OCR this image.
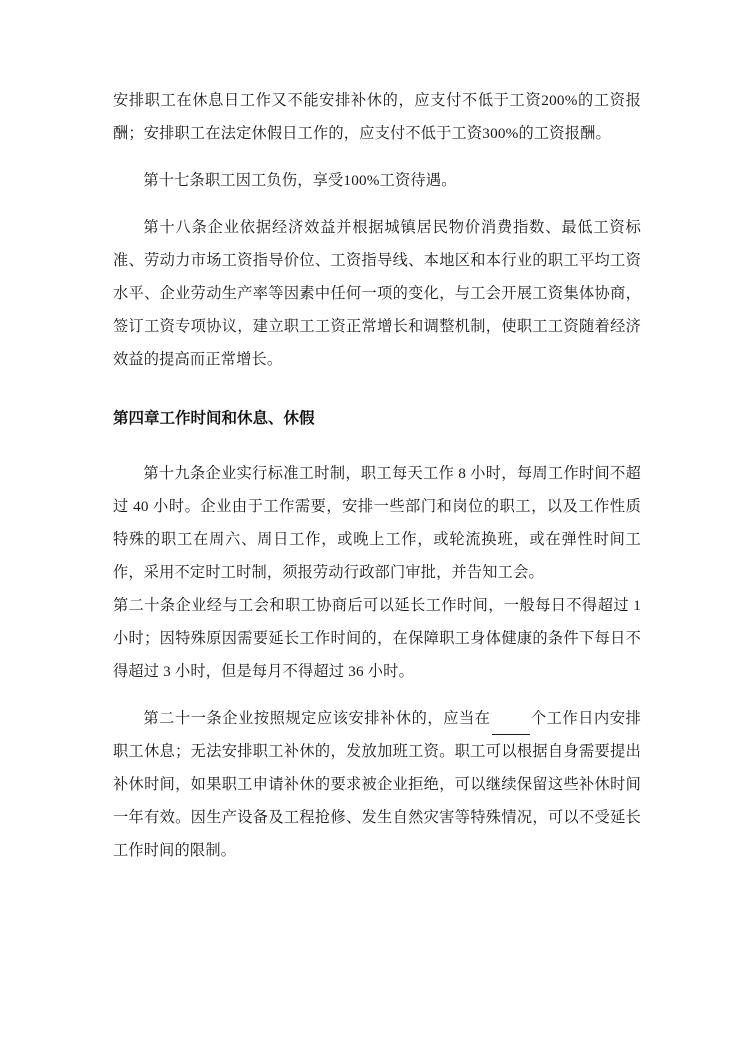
安排职工在休息日工作又不能安排补休的，应支付不低于工资200%的工资报酬；安排职工在法定休假日工作的，应支付不低于工资300%的工资报酬。

第十七条职工因工负伤，享受100%工资待遇。

第十八条企业依据经济效益并根据城镇居民物价消费指数、最低工资标准、劳动力市场工资指导价位、工资指导线、本地区和本行业的职工平均工资水平、企业劳动生产率等因素中任何一项的变化，与工会开展工资集体协商，签订工资专项协议，建立职工工资正常增长和调整机制，使职工工资随着经济效益的提高而正常增长。

第四章工作时间和休息、休假

第十九条企业实行标准工时制，职工每天工作 8 小时，每周工作时间不超过 40 小时。企业由于工作需要，安排一些部门和岗位的职工，以及工作性质特殊的职工在周六、周日工作，或晚上工作，或轮流换班，或在弹性时间工作，采用不定时工时制，须报劳动行政部门审批，并告知工会。

第二十条企业经与工会和职工协商后可以延长工作时间，一般每日不得超过 1 小时；因特殊原因需要延长工作时间的，在保障职工身体健康的条件下每日不得超过 3 小时，但是每月不得超过 36 小时。

第二十一条企业按照规定应该安排补休的，应当在	个工作日内安排职工休息；无法安排职工补休的，发放加班工资。职工可以根据自身需要提出补休时间，如果职工申请补休的要求被企业拒绝，可以继续保留这些补休时间一年有效。因生产设备及工程抢修、发生自然灾害等特殊情况，可以不受延长工作时间的限制。
